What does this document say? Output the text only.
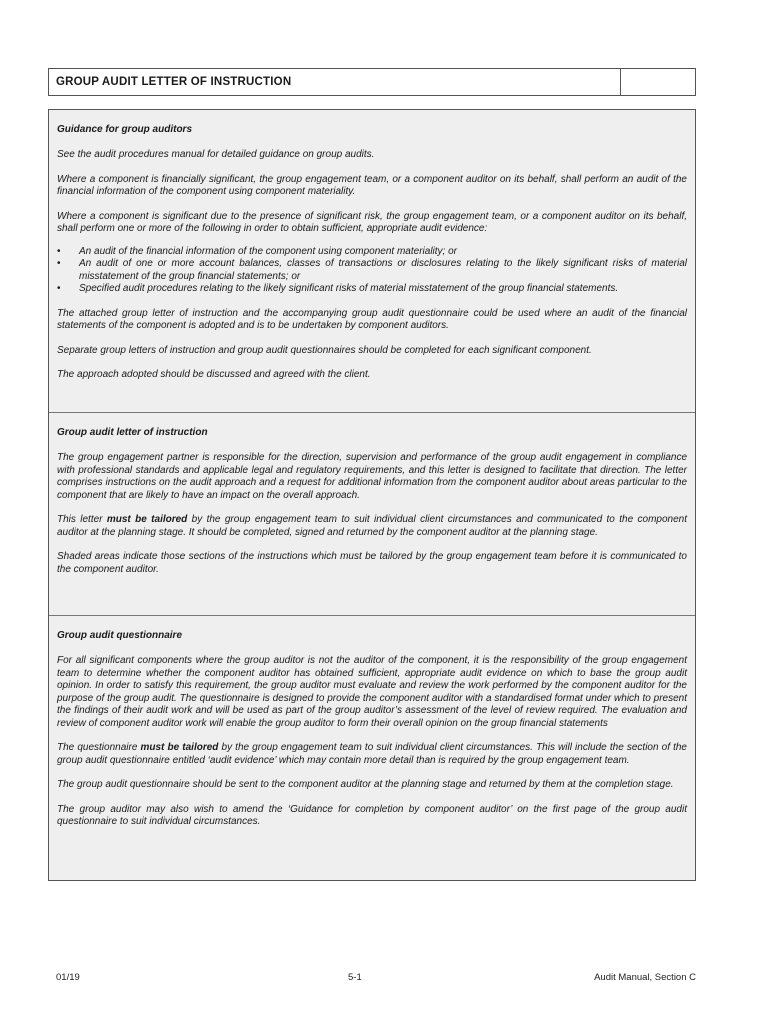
GROUP AUDIT LETTER OF INSTRUCTION

Guidance for group auditors

See the audit procedures manual for detailed guidance on group audits.

Where a component is financially significant, the group engagement team, or a component auditor on its behalf, shall perform an audit of the financial information of the component using component materiality.

Where a component is significant due to the presence of significant risk, the group engagement team, or a component auditor on its behalf, shall perform one or more of the following in order to obtain sufficient, appropriate audit evidence:

• An audit of the financial information of the component using component materiality; or
• An audit of one or more account balances, classes of transactions or disclosures relating to the likely significant risks of material misstatement of the group financial statements; or
• Specified audit procedures relating to the likely significant risks of material misstatement of the group financial statements.

The attached group letter of instruction and the accompanying group audit questionnaire could be used where an audit of the financial statements of the component is adopted and is to be undertaken by component auditors.

Separate group letters of instruction and group audit questionnaires should be completed for each significant component.

The approach adopted should be discussed and agreed with the client.

Group audit letter of instruction

The group engagement partner is responsible for the direction, supervision and performance of the group audit engagement in compliance with professional standards and applicable legal and regulatory requirements, and this letter is designed to facilitate that direction. The letter comprises instructions on the audit approach and a request for additional information from the component auditor about areas particular to the component that are likely to have an impact on the overall approach.

This letter must be tailored by the group engagement team to suit individual client circumstances and communicated to the component auditor at the planning stage. It should be completed, signed and returned by the component auditor at the planning stage.

Shaded areas indicate those sections of the instructions which must be tailored by the group engagement team before it is communicated to the component auditor.

Group audit questionnaire

For all significant components where the group auditor is not the auditor of the component, it is the responsibility of the group engagement team to determine whether the component auditor has obtained sufficient, appropriate audit evidence on which to base the group audit opinion. In order to satisfy this requirement, the group auditor must evaluate and review the work performed by the component auditor for the purpose of the group audit. The questionnaire is designed to provide the component auditor with a standardised format under which to present the findings of their audit work and will be used as part of the group auditor’s assessment of the level of review required. The evaluation and review of component auditor work will enable the group auditor to form their overall opinion on the group financial statements

The questionnaire must be tailored by the group engagement team to suit individual client circumstances. This will include the section of the group audit questionnaire entitled ‘audit evidence’ which may contain more detail than is required by the group engagement team.

The group audit questionnaire should be sent to the component auditor at the planning stage and returned by them at the completion stage.

The group auditor may also wish to amend the ‘Guidance for completion by component auditor’ on the first page of the group audit questionnaire to suit individual circumstances.

01/19	5-1	Audit Manual, Section C
